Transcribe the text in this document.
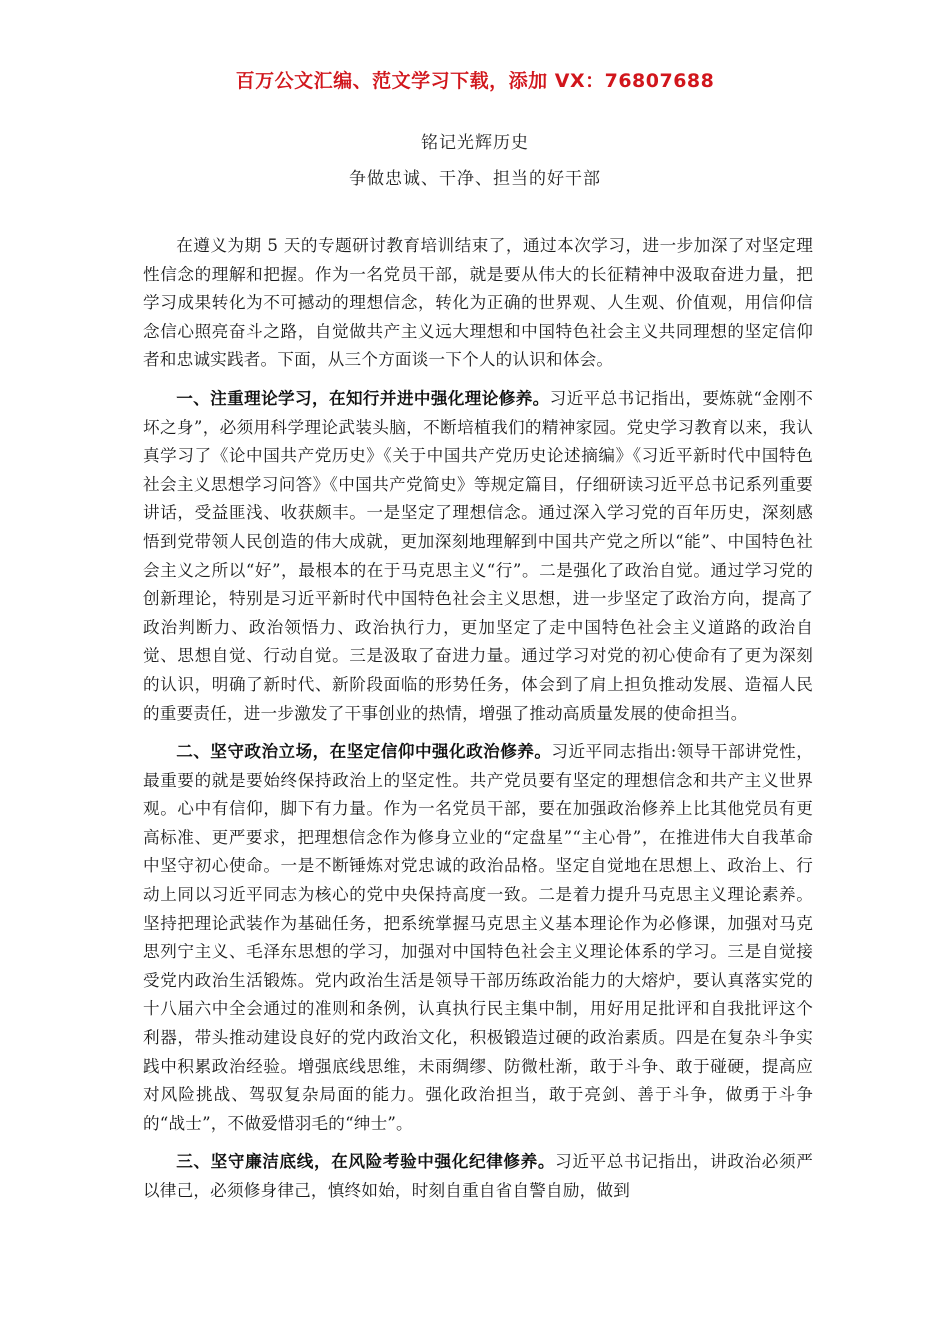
百万公文汇编、范文学习下载，添加 VX：76807688
铭记光辉历史
争做忠诚、干净、担当的好干部

在遵义为期 5 天的专题研讨教育培训结束了，通过本次学习，进一步加深了对坚定理性信念的理解和把握。作为一名党员干部，就是要从伟大的长征精神中汲取奋进力量，把学习成果转化为不可撼动的理想信念，转化为正确的世界观、人生观、价值观，用信仰信念信心照亮奋斗之路，自觉做共产主义远大理想和中国特色社会主义共同理想的坚定信仰者和忠诚实践者。下面，从三个方面谈一下个人的认识和体会。

一、注重理论学习，在知行并进中强化理论修养。习近平总书记指出，要炼就“金刚不坏之身”，必须用科学理论武装头脑，不断培植我们的精神家园。党史学习教育以来，我认真学习了《论中国共产党历史》《关于中国共产党历史论述摘编》《习近平新时代中国特色社会主义思想学习问答》《中国共产党简史》等规定篇目，仔细研读习近平总书记系列重要讲话，受益匪浅、收获颇丰。一是坚定了理想信念。通过深入学习党的百年历史，深刻感悟到党带领人民创造的伟大成就，更加深刻地理解到中国共产党之所以“能”、中国特色社会主义之所以“好”，最根本的在于马克思主义“行”。二是强化了政治自觉。通过学习党的创新理论，特别是习近平新时代中国特色社会主义思想，进一步坚定了政治方向，提高了政治判断力、政治领悟力、政治执行力，更加坚定了走中国特色社会主义道路的政治自觉、思想自觉、行动自觉。三是汲取了奋进力量。通过学习对党的初心使命有了更为深刻的认识，明确了新时代、新阶段面临的形势任务，体会到了肩上担负推动发展、造福人民的重要责任，进一步激发了干事创业的热情，增强了推动高质量发展的使命担当。

二、坚守政治立场，在坚定信仰中强化政治修养。习近平同志指出:领导干部讲党性，最重要的就是要始终保持政治上的坚定性。共产党员要有坚定的理想信念和共产主义世界观。心中有信仰，脚下有力量。作为一名党员干部，要在加强政治修养上比其他党员有更高标准、更严要求，把理想信念作为修身立业的“定盘星”“主心骨”，在推进伟大自我革命中坚守初心使命。一是不断锤炼对党忠诚的政治品格。坚定自觉地在思想上、政治上、行动上同以习近平同志为核心的党中央保持高度一致。二是着力提升马克思主义理论素养。坚持把理论武装作为基础任务，把系统掌握马克思主义基本理论作为必修课，加强对马克思列宁主义、毛泽东思想的学习，加强对中国特色社会主义理论体系的学习。三是自觉接受党内政治生活锻炼。党内政治生活是领导干部历练政治能力的大熔炉，要认真落实党的十八届六中全会通过的准则和条例，认真执行民主集中制，用好用足批评和自我批评这个利器，带头推动建设良好的党内政治文化，积极锻造过硬的政治素质。四是在复杂斗争实践中积累政治经验。增强底线思维，未雨绸缪、防微杜渐，敢于斗争、敢于碰硬，提高应对风险挑战、驾驭复杂局面的能力。强化政治担当，敢于亮剑、善于斗争，做勇于斗争的“战士”，不做爱惜羽毛的“绅士”。

三、坚守廉洁底线，在风险考验中强化纪律修养。习近平总书记指出，讲政治必须严以律己，必须修身律己，慎终如始，时刻自重自省自警自励，做到
